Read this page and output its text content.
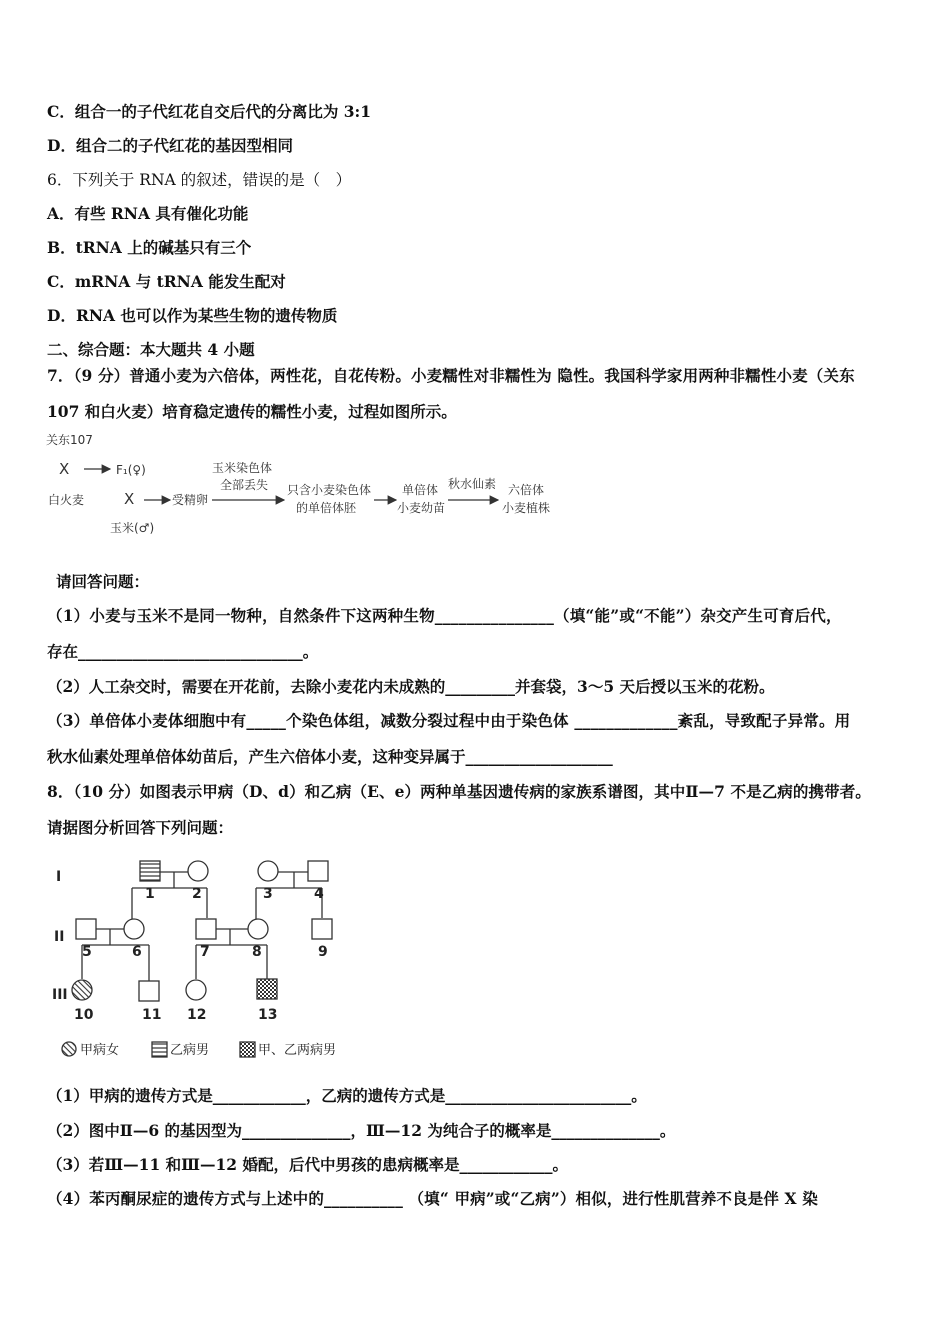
C．组合一的子代红花自交后代的分离比为 3:1
D．组合二的子代红花的基因型相同
6．下列关于 RNA 的叙述，错误的是（　）
A．有些 RNA 具有催化功能
B．tRNA 上的碱基只有三个
C．mRNA 与 tRNA 能发生配对
D．RNA 也可以作为某些生物的遗传物质
二、综合题：本大题共 4 小题
7．（9 分）普通小麦为六倍体，两性花，自花传粉。小麦糯性对非糯性为 隐性。我国科学家用两种非糯性小麦（关东
107 和白火麦）培育稳定遗传的糯性小麦，过程如图所示。
关东107
X	F₁(♀)
白火麦	X	受精卵
玉米(♂)
玉米染色体
全部丢失 只含小麦染色体
的单倍体胚
单倍体
小麦幼苗
秋水仙素 六倍体
小麦植株
请回答问题：
（1）小麦与玉米不是同一物种，自然条件下这两种生物_______________（填“能”或“不能”）杂交产生可育后代，
存在_____________________________。
（2）人工杂交时，需要在开花前，去除小麦花内未成熟的_________并套袋，3～5 天后授以玉米的花粉。
（3）单倍体小麦体细胞中有_____个染色体组，减数分裂过程中由于染色体 _____________紊乱，导致配子异常。用
秋水仙素处理单倍体幼苗后，产生六倍体小麦，这种变异属于___________________
8．（10 分）如图表示甲病（D、d）和乙病（E、e）两种单基因遗传病的家族系谱图，其中Ⅱ—7 不是乙病的携带者。
请据图分析回答下列问题：
I
II
III
1	2	3	4
5	6	7	8	9
10	11 12	13
甲病女	乙病男	甲、乙两病男
（1）甲病的遗传方式是____________，乙病的遗传方式是________________________。
（2）图中Ⅱ—6 的基因型为______________，Ⅲ—12 为纯合子的概率是______________。
（3）若Ⅲ—11 和Ⅲ—12 婚配，后代中男孩的患病概率是____________。
（4）苯丙酮尿症的遗传方式与上述中的__________ （填“ 甲病”或“乙病”）相似，进行性肌营养不良是伴 X 染
